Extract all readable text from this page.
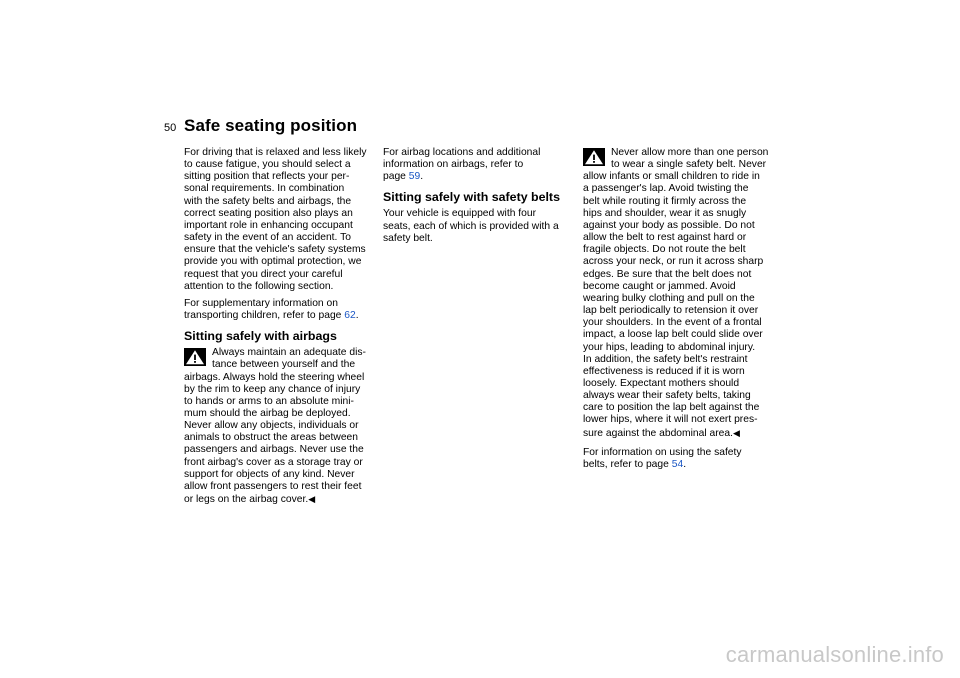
50 Safe seating position

For driving that is relaxed and less likely
to cause fatigue, you should select a
sitting position that reflects your per-
sonal requirements. In combination
with the safety belts and airbags, the
correct seating position also plays an
important role in enhancing occupant
safety in the event of an accident. To
ensure that the vehicle's safety systems
provide you with optimal protection, we
request that you direct your careful
attention to the following section.

For supplementary information on
transporting children, refer to page 62.

Sitting safely with airbags
Always maintain an adequate dis-
tance between yourself and the
airbags. Always hold the steering wheel
by the rim to keep any chance of injury
to hands or arms to an absolute mini-
mum should the airbag be deployed.
Never allow any objects, individuals or
animals to obstruct the areas between
passengers and airbags. Never use the
front airbag's cover as a storage tray or
support for objects of any kind. Never
allow front passengers to rest their feet
or legs on the airbag cover.◀

For airbag locations and additional
information on airbags, refer to
page 59.

Sitting safely with safety belts

Your vehicle is equipped with four
seats, each of which is provided with a
safety belt.

Never allow more than one person
to wear a single safety belt. Never
allow infants or small children to ride in
a passenger's lap. Avoid twisting the
belt while routing it firmly across the
hips and shoulder, wear it as snugly
against your body as possible. Do not
allow the belt to rest against hard or
fragile objects. Do not route the belt
across your neck, or run it across sharp
edges. Be sure that the belt does not
become caught or jammed. Avoid
wearing bulky clothing and pull on the
lap belt periodically to retension it over
your shoulders. In the event of a frontal
impact, a loose lap belt could slide over
your hips, leading to abdominal injury.
In addition, the safety belt's restraint
effectiveness is reduced if it is worn
loosely. Expectant mothers should
always wear their safety belts, taking
care to position the lap belt against the
lower hips, where it will not exert pres-
sure against the abdominal area.◀

For information on using the safety
belts, refer to page 54.

carmanualsonline.info
